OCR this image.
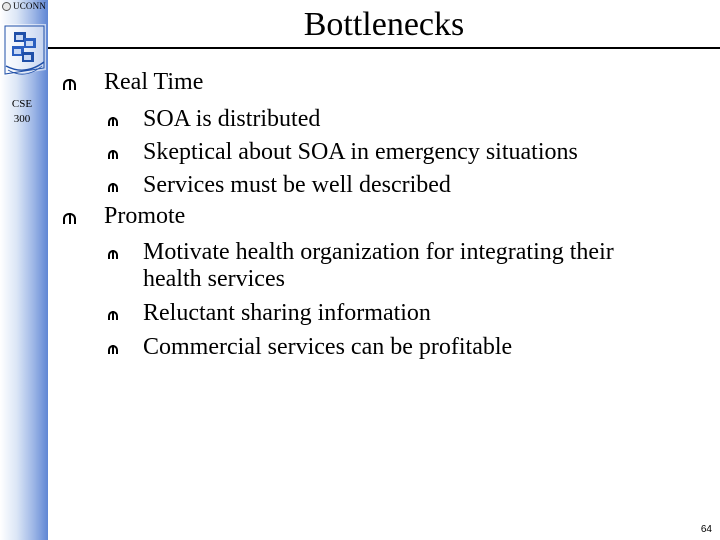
UCONN
CSE
300
Bottlenecks
Real Time
SOA is distributed
Skeptical about SOA in emergency situations
Services must be well described
Promote
Motivate health organization for integrating their
health services
Reluctant sharing information
Commercial services can be profitable
64
